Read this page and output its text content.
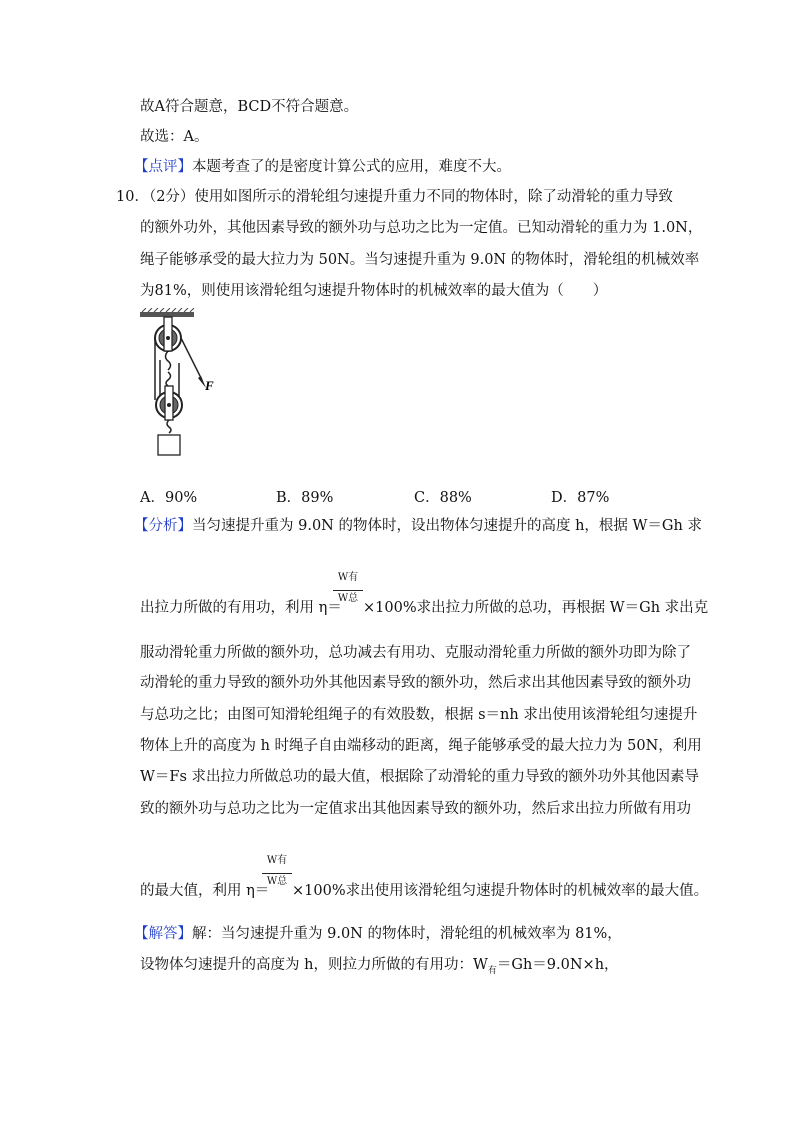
故A符合题意，BCD不符合题意。
故选：A。
【点评】本题考查了的是密度计算公式的应用，难度不大。
10．（2分）使用如图所示的滑轮组匀速提升重力不同的物体时，除了动滑轮的重力导致
的额外功外，其他因素导致的额外功与总功之比为一定值。已知动滑轮的重力为 1.0N，
绳子能够承受的最大拉力为 50N。当匀速提升重为 9.0N 的物体时，滑轮组的机械效率
为81%，则使用该滑轮组匀速提升物体时的机械效率的最大值为（　　）
F
A．90%	B．89%	C．88%	D．87%
【分析】当匀速提升重为 9.0N 的物体时，设出物体匀速提升的高度 h，根据 W＝Gh 求
W有
W总
出拉力所做的有用功，利用 η＝ ×100%求出拉力所做的总功，再根据 W＝Gh 求出克
服动滑轮重力所做的额外功，总功减去有用功、克服动滑轮重力所做的额外功即为除了
动滑轮的重力导致的额外功外其他因素导致的额外功，然后求出其他因素导致的额外功
与总功之比；由图可知滑轮组绳子的有效股数，根据 s＝nh 求出使用该滑轮组匀速提升
物体上升的高度为 h 时绳子自由端移动的距离，绳子能够承受的最大拉力为 50N，利用
W＝Fs 求出拉力所做总功的最大值，根据除了动滑轮的重力导致的额外功外其他因素导
致的额外功与总功之比为一定值求出其他因素导致的额外功，然后求出拉力所做有用功
W有
W总
的最大值，利用 η＝ ×100%求出使用该滑轮组匀速提升物体时的机械效率的最大值。
【解答】解：当匀速提升重为 9.0N 的物体时，滑轮组的机械效率为 81%，
设物体匀速提升的高度为 h，则拉力所做的有用功：$W_有=Gh=9.0N\times h$，
